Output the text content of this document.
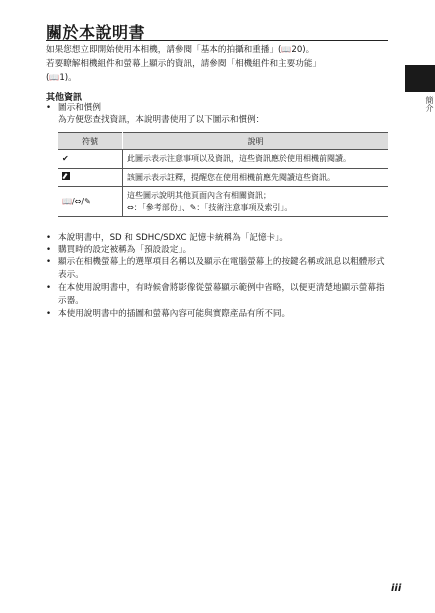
關於本說明書
如果您想立即開始使用本相機，請參閱「基本的拍攝和重播」(📖20)。
若要瞭解相機組件和螢幕上顯示的資訊，請參閱「相機組件和主要功能」
(📖1)。
簡介
其他資訊
• 圖示和慣例
為方便您查找資訊，本說明書使用了以下圖示和慣例：
符號	說明
✔	此圖示表示注意事項以及資訊，這些資訊應於使用相機前閱讀。
	該圖示表示註釋，提醒您在使用相機前應先閱讀這些資訊。
📖/⇔/✎	這些圖示說明其他頁面內含有相關資訊；
⇔：「參考部份」、✎：「技術注意事項及索引」。
• 本說明書中，SD 和 SDHC/SDXC 記憶卡統稱為「記憶卡」。
• 購買時的設定被稱為「預設設定」。
• 顯示在相機螢幕上的選單項目名稱以及顯示在電腦螢幕上的按鍵名稱或訊息以粗體形式表示。
• 在本使用說明書中，有時候會將影像從螢幕顯示範例中省略，以便更清楚地顯示螢幕指示器。
• 本使用說明書中的插圖和螢幕內容可能與實際產品有所不同。
iii
